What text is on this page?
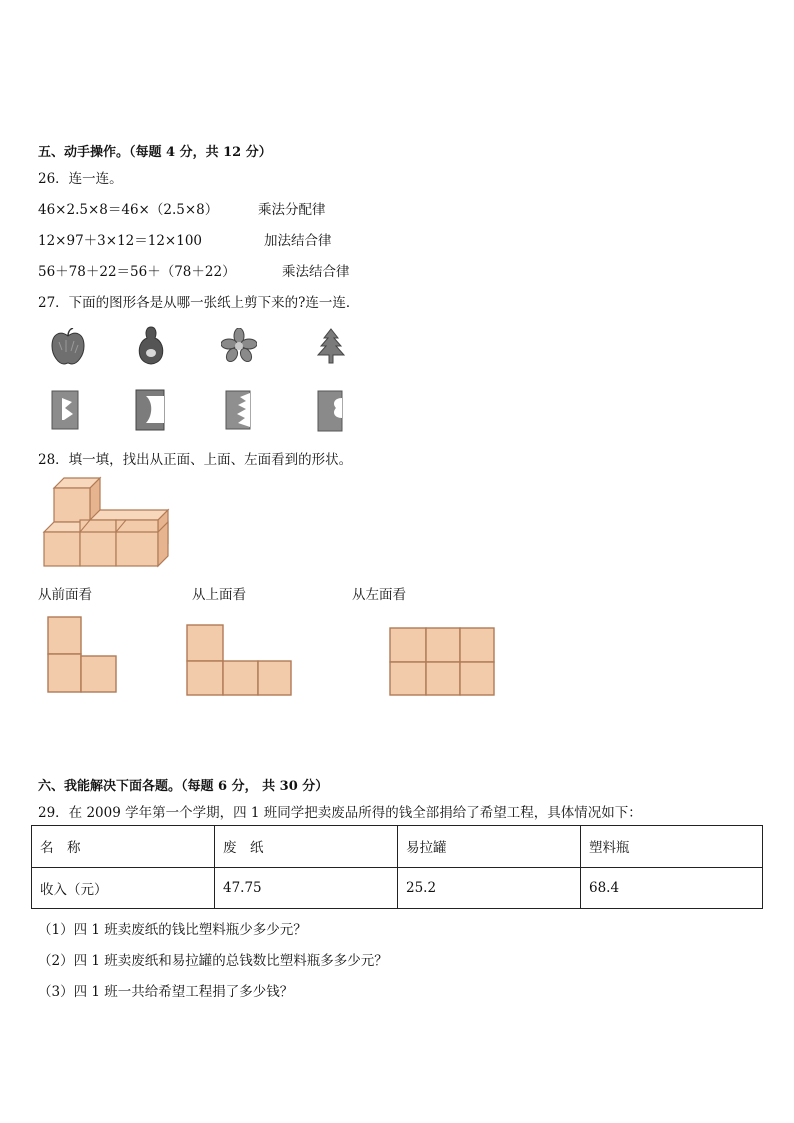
五、动手操作。（每题 4 分，共 12 分）
26．连一连。
46×2.5×8＝46×（2.5×8）	乘法分配律
12×97＋3×12＝12×100	加法结合律
56＋78＋22＝56＋（78＋22）	乘法结合律
27．下面的图形各是从哪一张纸上剪下来的?连一连．
28．填一填，找出从正面、上面、左面看到的形状。
从前面看	从上面看	从左面看
六、我能解决下面各题。（每题 6 分， 共 30 分）
29．在 2009 学年第一个学期，四 1 班同学把卖废品所得的钱全部捐给了希望工程，具体情况如下：
名　称	废　纸	易拉罐	塑料瓶
收入（元）	47.75	25.2	68.4
（1）四 1 班卖废纸的钱比塑料瓶少多少元？
（2）四 1 班卖废纸和易拉罐的总钱数比塑料瓶多多少元？
（3）四 1 班一共给希望工程捐了多少钱？
